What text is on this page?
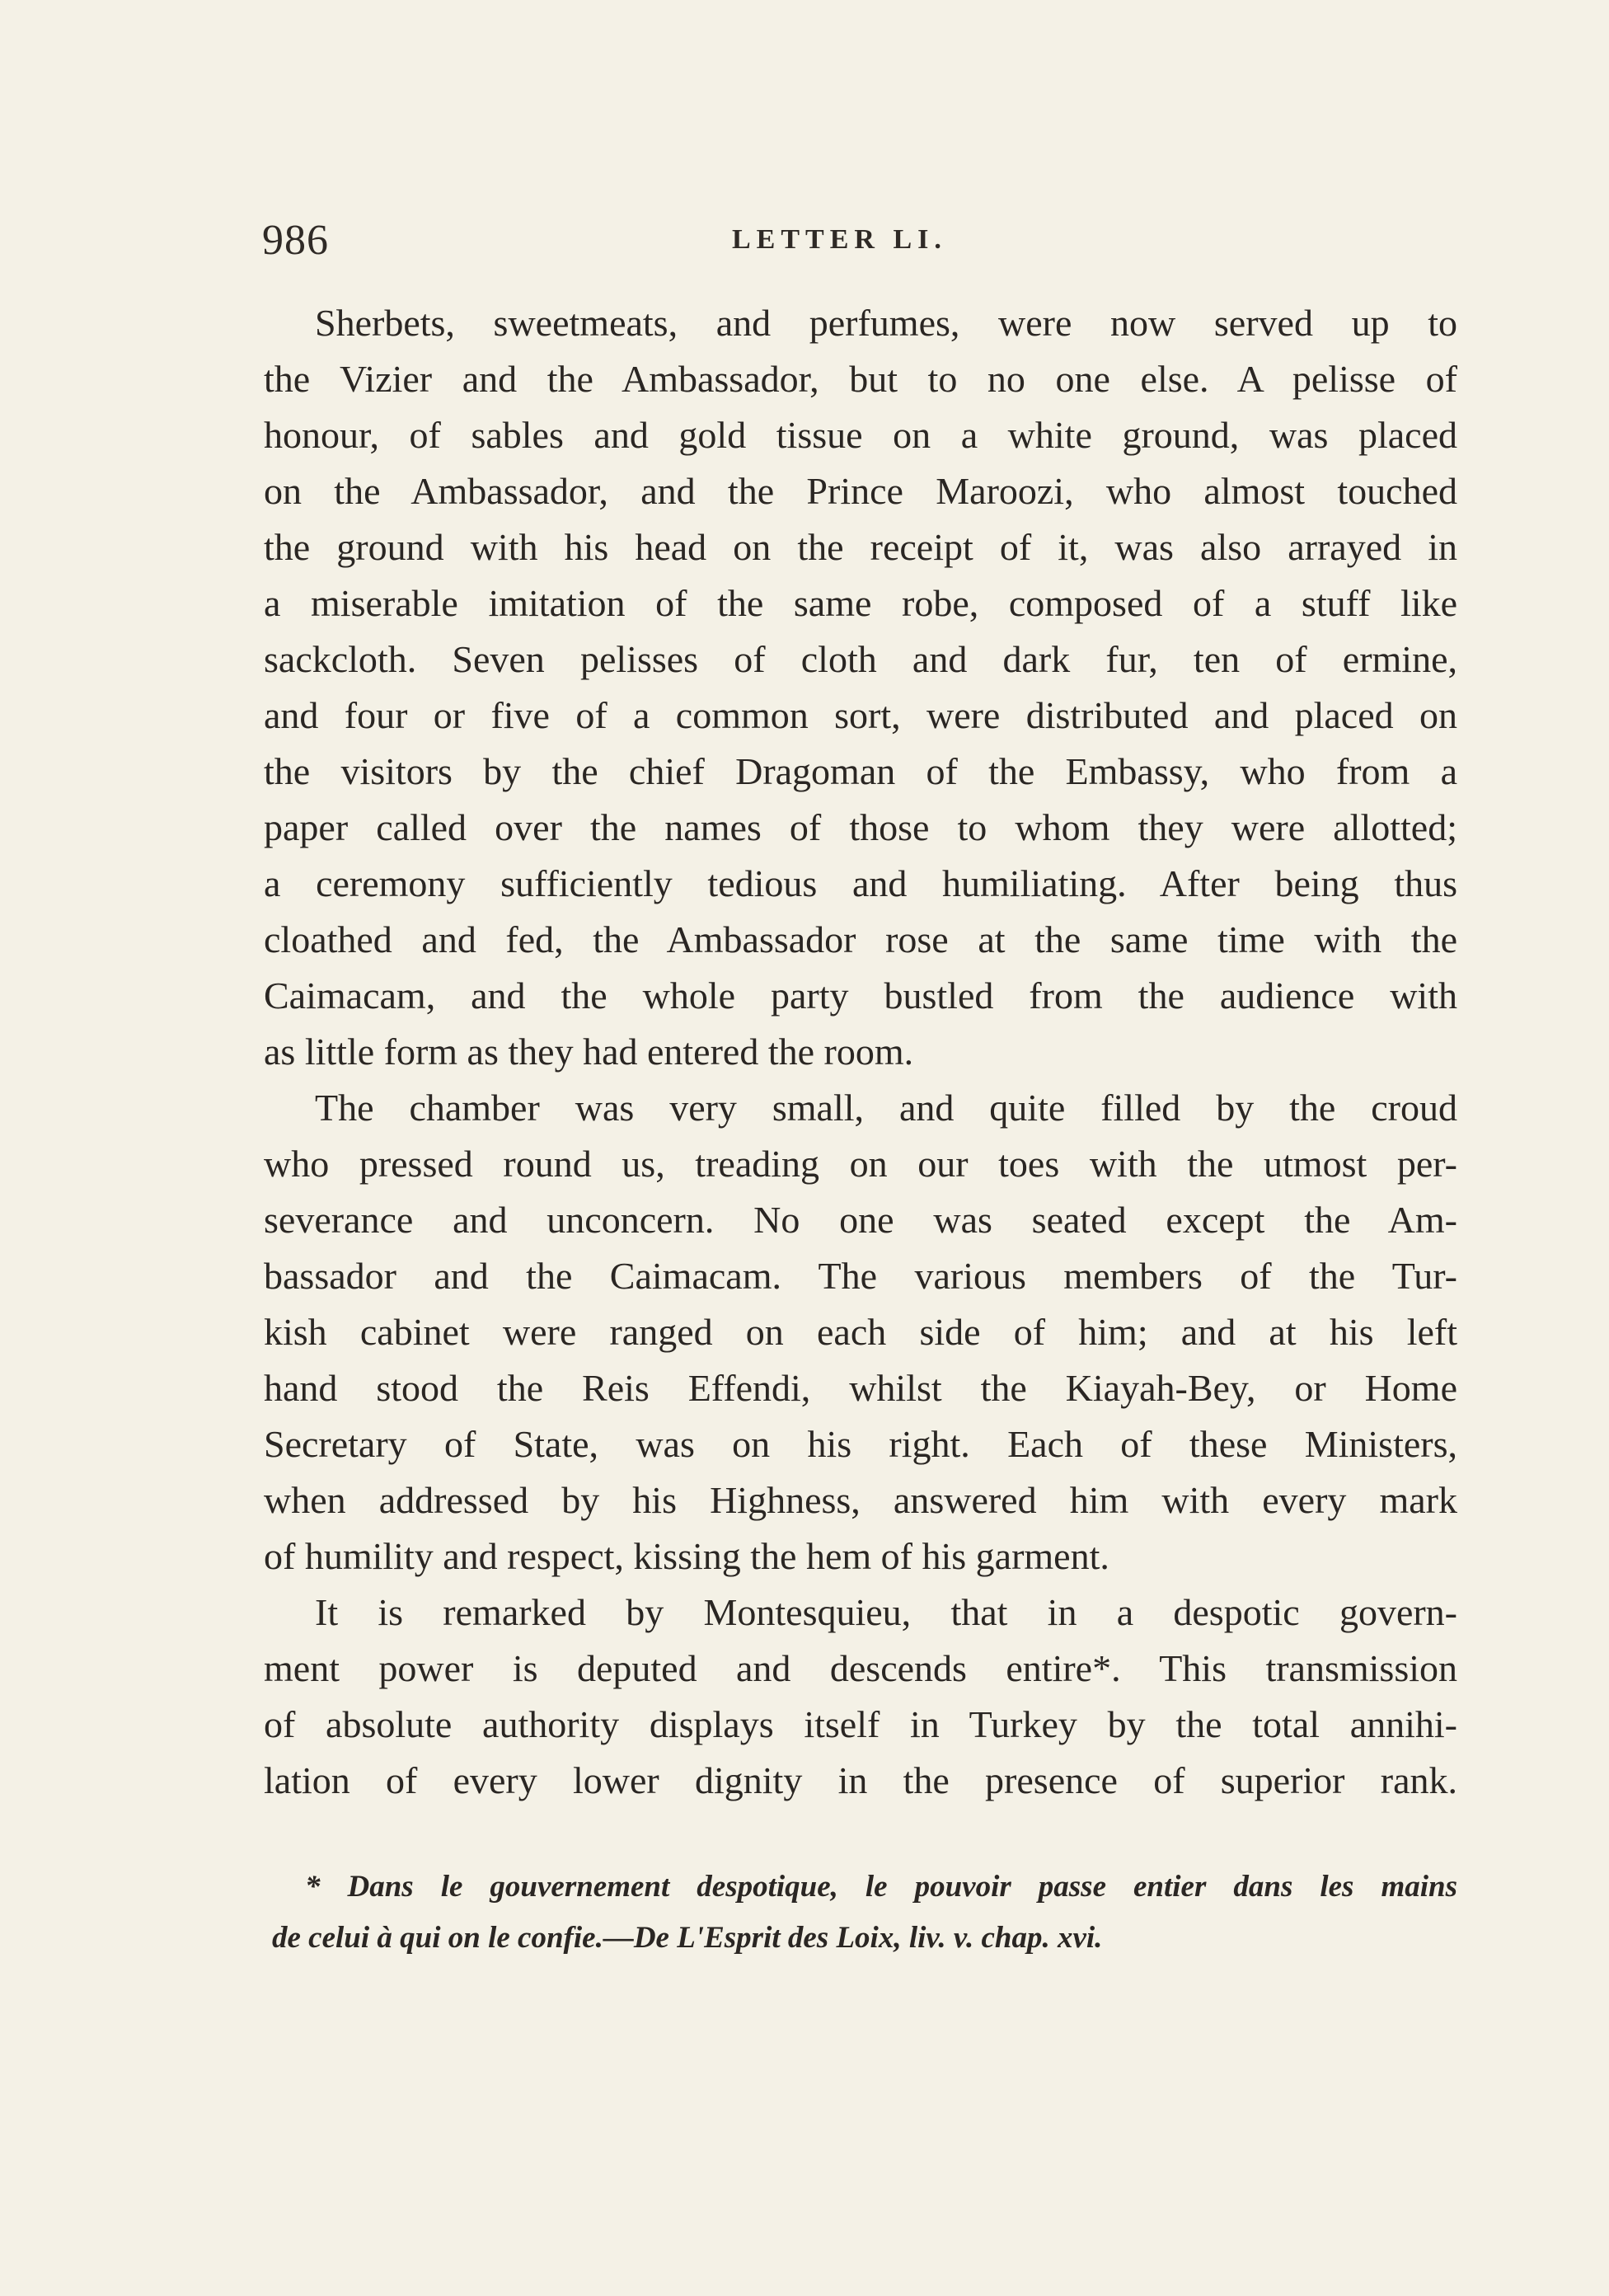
986	LETTER LI.
Sherbets, sweetmeats, and perfumes, were now served up to
the Vizier and the Ambassador, but to no one else. A pelisse of
honour, of sables and gold tissue on a white ground, was placed
on the Ambassador, and the Prince Maroozi, who almost touched
the ground with his head on the receipt of it, was also arrayed in
a miserable imitation of the same robe, composed of a stuff like
sackcloth. Seven pelisses of cloth and dark fur, ten of ermine,
and four or five of a common sort, were distributed and placed on
the visitors by the chief Dragoman of the Embassy, who from a
paper called over the names of those to whom they were allotted;
a ceremony sufficiently tedious and humiliating. After being thus
cloathed and fed, the Ambassador rose at the same time with the
Caimacam, and the whole party bustled from the audience with
as little form as they had entered the room.
The chamber was very small, and quite filled by the croud
who pressed round us, treading on our toes with the utmost per-
severance and unconcern. No one was seated except the Am-
bassador and the Caimacam. The various members of the Tur-
kish cabinet were ranged on each side of him; and at his left
hand stood the Reis Effendi, whilst the Kiayah-Bey, or Home
Secretary of State, was on his right. Each of these Ministers,
when addressed by his Highness, answered him with every mark
of humility and respect, kissing the hem of his garment.
It is remarked by Montesquieu, that in a despotic govern-
ment power is deputed and descends entire*. This transmission
of absolute authority displays itself in Turkey by the total annihi-
lation of every lower dignity in the presence of superior rank.
* Dans le gouvernement despotique, le pouvoir passe entier dans les mains
de celui à qui on le confie.—De L'Esprit des Loix, liv. v. chap. xvi.
